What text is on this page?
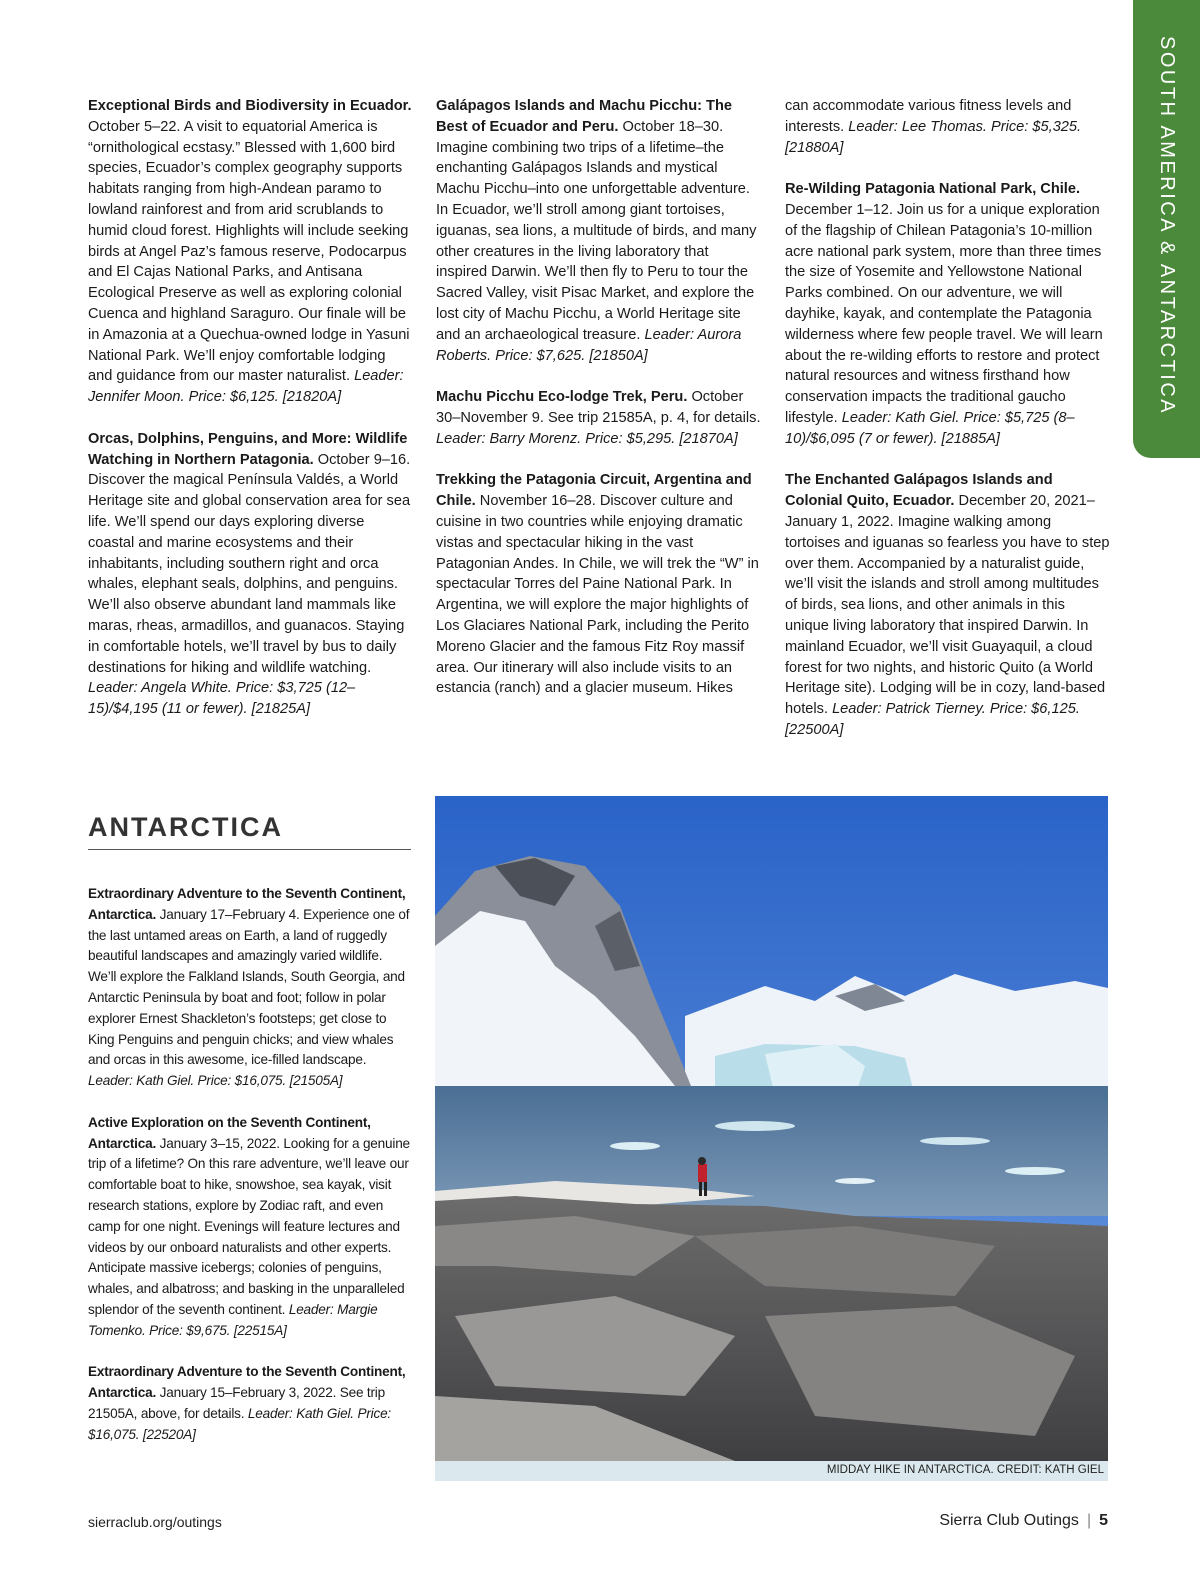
SOUTH AMERICA & ANTARCTICA

Exceptional Birds and Biodiversity in Ecuador. October 5–22. A visit to equatorial America is “ornithological ecstasy.” Blessed with 1,600 bird species, Ecuador’s complex geography supports habitats ranging from high-Andean paramo to lowland rainforest and from arid scrublands to humid cloud forest. Highlights will include seeking birds at Angel Paz’s famous reserve, Podocarpus and El Cajas National Parks, and Antisana Ecological Preserve as well as exploring colonial Cuenca and highland Saraguro. Our finale will be in Amazonia at a Quechua-owned lodge in Yasuni National Park. We’ll enjoy comfortable lodging and guidance from our master naturalist. Leader: Jennifer Moon. Price: $6,125. [21820A]

Orcas, Dolphins, Penguins, and More: Wildlife Watching in Northern Patagonia. October 9–16. Discover the magical Península Valdés, a World Heritage site and global conservation area for sea life. We’ll spend our days exploring diverse coastal and marine ecosystems and their inhabitants, including southern right and orca whales, elephant seals, dolphins, and penguins. We’ll also observe abundant land mammals like maras, rheas, armadillos, and guanacos. Staying in comfortable hotels, we’ll travel by bus to daily destinations for hiking and wildlife watching. Leader: Angela White. Price: $3,725 (12–15)/$4,195 (11 or fewer). [21825A]

Galápagos Islands and Machu Picchu: The Best of Ecuador and Peru. October 18–30. Imagine combining two trips of a lifetime–the enchanting Galápagos Islands and mystical Machu Picchu–into one unforgettable adventure. In Ecuador, we’ll stroll among giant tortoises, iguanas, sea lions, a multitude of birds, and many other creatures in the living laboratory that inspired Darwin. We’ll then fly to Peru to tour the Sacred Valley, visit Pisac Market, and explore the lost city of Machu Picchu, a World Heritage site and an archaeological treasure. Leader: Aurora Roberts. Price: $7,625. [21850A]

Machu Picchu Eco-lodge Trek, Peru. October 30–November 9. See trip 21585A, p. 4, for details. Leader: Barry Morenz. Price: $5,295. [21870A]

Trekking the Patagonia Circuit, Argentina and Chile. November 16–28. Discover culture and cuisine in two countries while enjoying dramatic vistas and spectacular hiking in the vast Patagonian Andes. In Chile, we will trek the “W” in spectacular Torres del Paine National Park. In Argentina, we will explore the major highlights of Los Glaciares National Park, including the Perito Moreno Glacier and the famous Fitz Roy massif area. Our itinerary will also include visits to an estancia (ranch) and a glacier museum. Hikes

can accommodate various fitness levels and interests. Leader: Lee Thomas. Price: $5,325. [21880A]

Re-Wilding Patagonia National Park, Chile. December 1–12. Join us for a unique exploration of the flagship of Chilean Patagonia’s 10-million acre national park system, more than three times the size of Yosemite and Yellowstone National Parks combined. On our adventure, we will dayhike, kayak, and contemplate the Patagonia wilderness where few people travel. We will learn about the re-wilding efforts to restore and protect natural resources and witness firsthand how conservation impacts the traditional gaucho lifestyle. Leader: Kath Giel. Price: $5,725 (8–10)/$6,095 (7 or fewer). [21885A]

The Enchanted Galápagos Islands and Colonial Quito, Ecuador. December 20, 2021–January 1, 2022. Imagine walking among tortoises and iguanas so fearless you have to step over them. Accompanied by a naturalist guide, we’ll visit the islands and stroll among multitudes of birds, sea lions, and other animals in this unique living laboratory that inspired Darwin. In mainland Ecuador, we’ll visit Guayaquil, a cloud forest for two nights, and historic Quito (a World Heritage site). Lodging will be in cozy, land-based hotels. Leader: Patrick Tierney. Price: $6,125. [22500A]

ANTARCTICA

Extraordinary Adventure to the Seventh Continent, Antarctica. January 17–February 4. Experience one of the last untamed areas on Earth, a land of ruggedly beautiful landscapes and amazingly varied wildlife. We’ll explore the Falkland Islands, South Georgia, and Antarctic Peninsula by boat and foot; follow in polar explorer Ernest Shackleton’s footsteps; get close to King Penguins and penguin chicks; and view whales and orcas in this awesome, ice-filled landscape. Leader: Kath Giel. Price: $16,075. [21505A]

Active Exploration on the Seventh Continent, Antarctica. January 3–15, 2022. Looking for a genuine trip of a lifetime? On this rare adventure, we’ll leave our comfortable boat to hike, snowshoe, sea kayak, visit research stations, explore by Zodiac raft, and even camp for one night. Evenings will feature lectures and videos by our onboard naturalists and other experts. Anticipate massive icebergs; colonies of penguins, whales, and albatross; and basking in the unparalleled splendor of the seventh continent. Leader: Margie Tomenko. Price: $9,675. [22515A]

Extraordinary Adventure to the Seventh Continent, Antarctica. January 15–February 3, 2022. See trip 21505A, above, for details. Leader: Kath Giel. Price: $16,075. [22520A]

MIDDAY HIKE IN ANTARCTICA. CREDIT: KATH GIEL
sierraclub.org/outings	Sierra Club Outings | 5
